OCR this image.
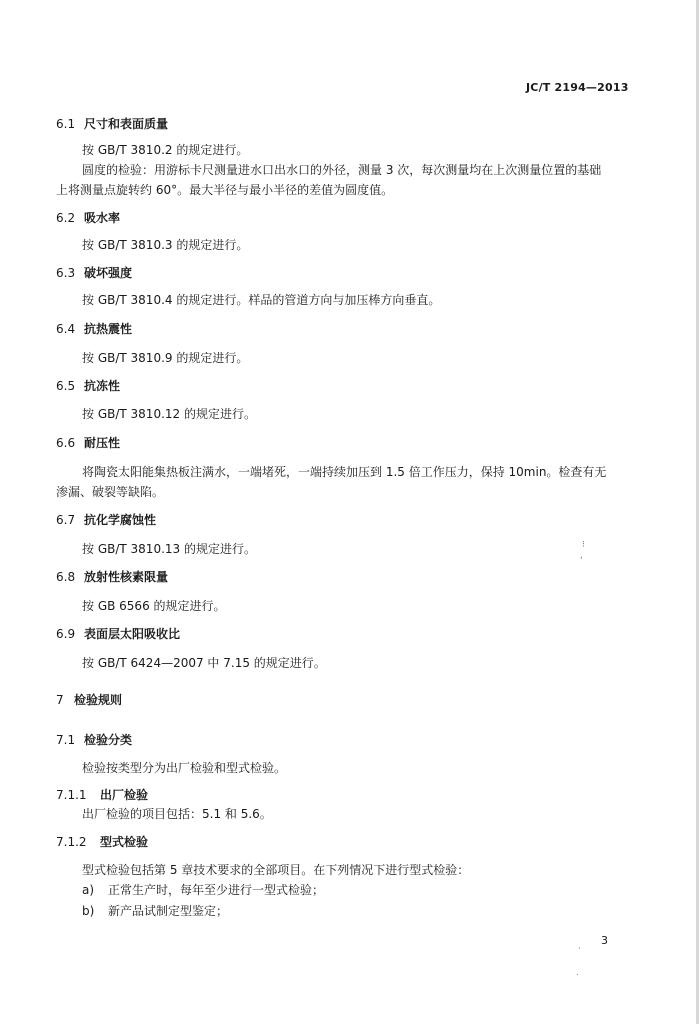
JC/T 2194—2013
6.1 尺寸和表面质量
按 GB/T 3810.2 的规定进行。
圆度的检验：用游标卡尺测量进水口出水口的外径，测量 3 次，每次测量均在上次测量位置的基础
上将测量点旋转约 60°。最大半径与最小半径的差值为圆度值。
6.2 吸水率
按 GB/T 3810.3 的规定进行。
6.3 破坏强度
按 GB/T 3810.4 的规定进行。样品的管道方向与加压棒方向垂直。
6.4 抗热震性
按 GB/T 3810.9 的规定进行。
6.5 抗冻性
按 GB/T 3810.12 的规定进行。
6.6 耐压性
将陶瓷太阳能集热板注满水，一端堵死，一端持续加压到 1.5 倍工作压力，保持 10min。检查有无
渗漏、破裂等缺陷。
6.7 抗化学腐蚀性
按 GB/T 3810.13 的规定进行。
6.8 放射性核素限量
按 GB 6566 的规定进行。
6.9 表面层太阳吸收比
按 GB/T 6424—2007 中 7.15 的规定进行。
7 检验规则
7.1 检验分类
检验按类型分为出厂检验和型式检验。
7.1.1 出厂检验
出厂检验的项目包括：5.1 和 5.6。
7.1.2 型式检验
型式检验包括第 5 章技术要求的全部项目。在下列情况下进行型式检验：
a) 正常生产时，每年至少进行一型式检验；
b) 新产品试制定型鉴定；
3
⁝
'
·
.
